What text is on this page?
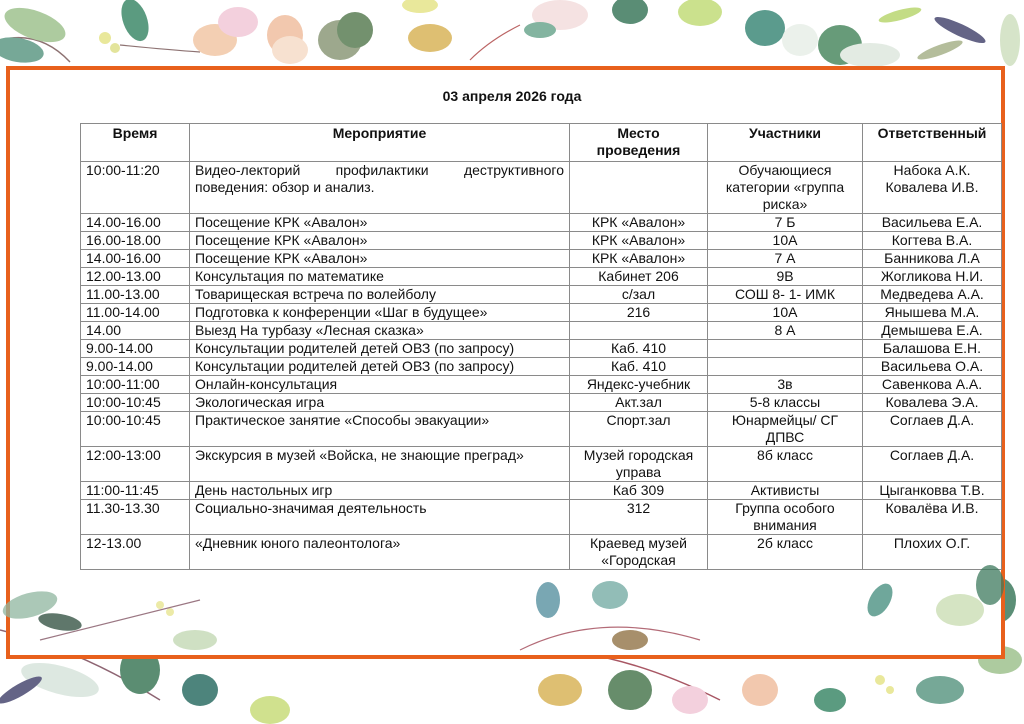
03 апреля 2026 года
Время	Мероприятие	Место проведения	Участники	Ответственный
10:00-11:20	Видео-лекторий профилактики деструктивного поведения: обзор и анализ.		Обучающиеся категории «группа риска»	Набока А.К. Ковалева И.В.
14.00-16.00	Посещение КРК «Авалон»	КРК «Авалон»	7 Б	Васильева Е.А.
16.00-18.00	Посещение КРК «Авалон»	КРК «Авалон»	10А	Когтева В.А.
14.00-16.00	Посещение КРК «Авалон»	КРК «Авалон»	7 А	Банникова Л.А
12.00-13.00	Консультация по математике	Кабинет 206	9В	Жогликова Н.И.
11.00-13.00	Товарищеская встреча по волейболу	с/зал	СОШ 8- 1- ИМК	Медведева А.А.
11.00-14.00	Подготовка к конференции «Шаг в будущее»	216	10А	Янышева М.А.
14.00	Выезд На турбазу «Лесная сказка»		8 А	Демышева Е.А.
9.00-14.00	Консультации родителей детей ОВЗ (по запросу)	Каб. 410		Балашова Е.Н.
9.00-14.00	Консультации родителей детей ОВЗ (по запросу)	Каб. 410		Васильева О.А.
10:00-11:00	Онлайн-консультация	Яндекс-учебник	3в	Савенкова А.А.
10:00-10:45	Экологическая игра	Акт.зал	5-8 классы	Ковалева Э.А.
10:00-10:45	Практическое занятие «Способы эвакуации»	Спорт.зал	Юнармейцы/ СГ ДПВС	Соглаев Д.А.
12:00-13:00	Экскурсия в музей «Войска, не знающие преград»	Музей городская управа	8б класс	Соглаев Д.А.
11:00-11:45	День настольных игр	Каб 309	Активисты	Цыганковва Т.В.
11.30-13.30	Социально-значимая деятельность	312	Группа особого внимания	Ковалёва И.В.
12-13.00	«Дневник юного палеонтолога»	Краевед музей «Городская	2б класс	Плохих О.Г.
